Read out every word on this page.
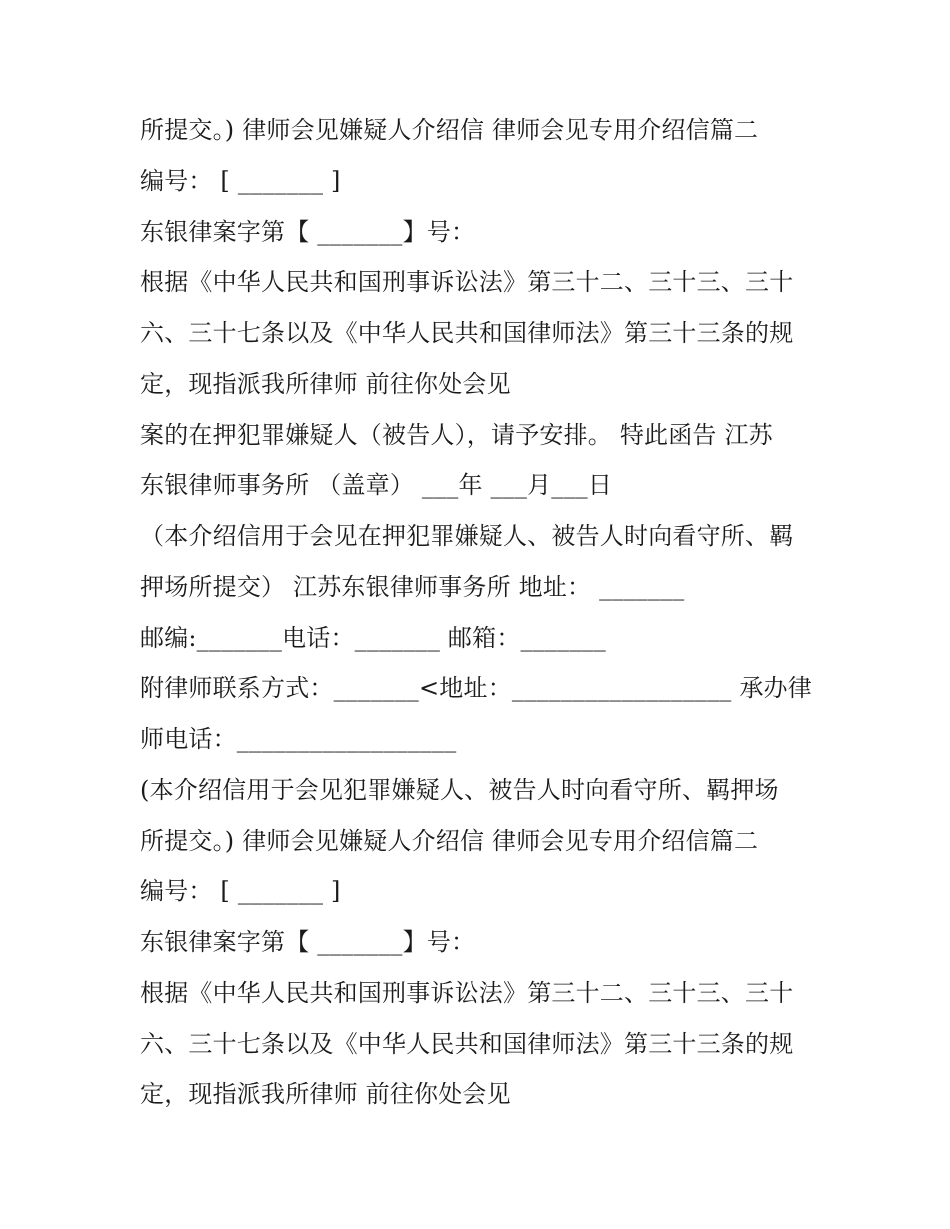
所提交。) 律师会见嫌疑人介绍信 律师会见专用介绍信篇二
编号： [ _______ ]
东银律案字第【 _______】号：
根据《中华人民共和国刑事诉讼法》第三十二、三十三、三十
六、三十七条以及《中华人民共和国律师法》第三十三条的规
定，现指派我所律师 前往你处会见
案的在押犯罪嫌疑人（被告人），请予安排。 特此函告 江苏
东银律师事务所 （盖章） ___年 ___月___日
（本介绍信用于会见在押犯罪嫌疑人、被告人时向看守所、羁
押场所提交） 江苏东银律师事务所 地址： _______
邮编:_______电话：_______ 邮箱：_______
附律师联系方式：_______<地址：__________________ 承办律
师电话：__________________
(本介绍信用于会见犯罪嫌疑人、被告人时向看守所、羁押场
所提交。) 律师会见嫌疑人介绍信 律师会见专用介绍信篇二
编号： [ _______ ]
东银律案字第【 _______】号：
根据《中华人民共和国刑事诉讼法》第三十二、三十三、三十
六、三十七条以及《中华人民共和国律师法》第三十三条的规
定，现指派我所律师 前往你处会见
